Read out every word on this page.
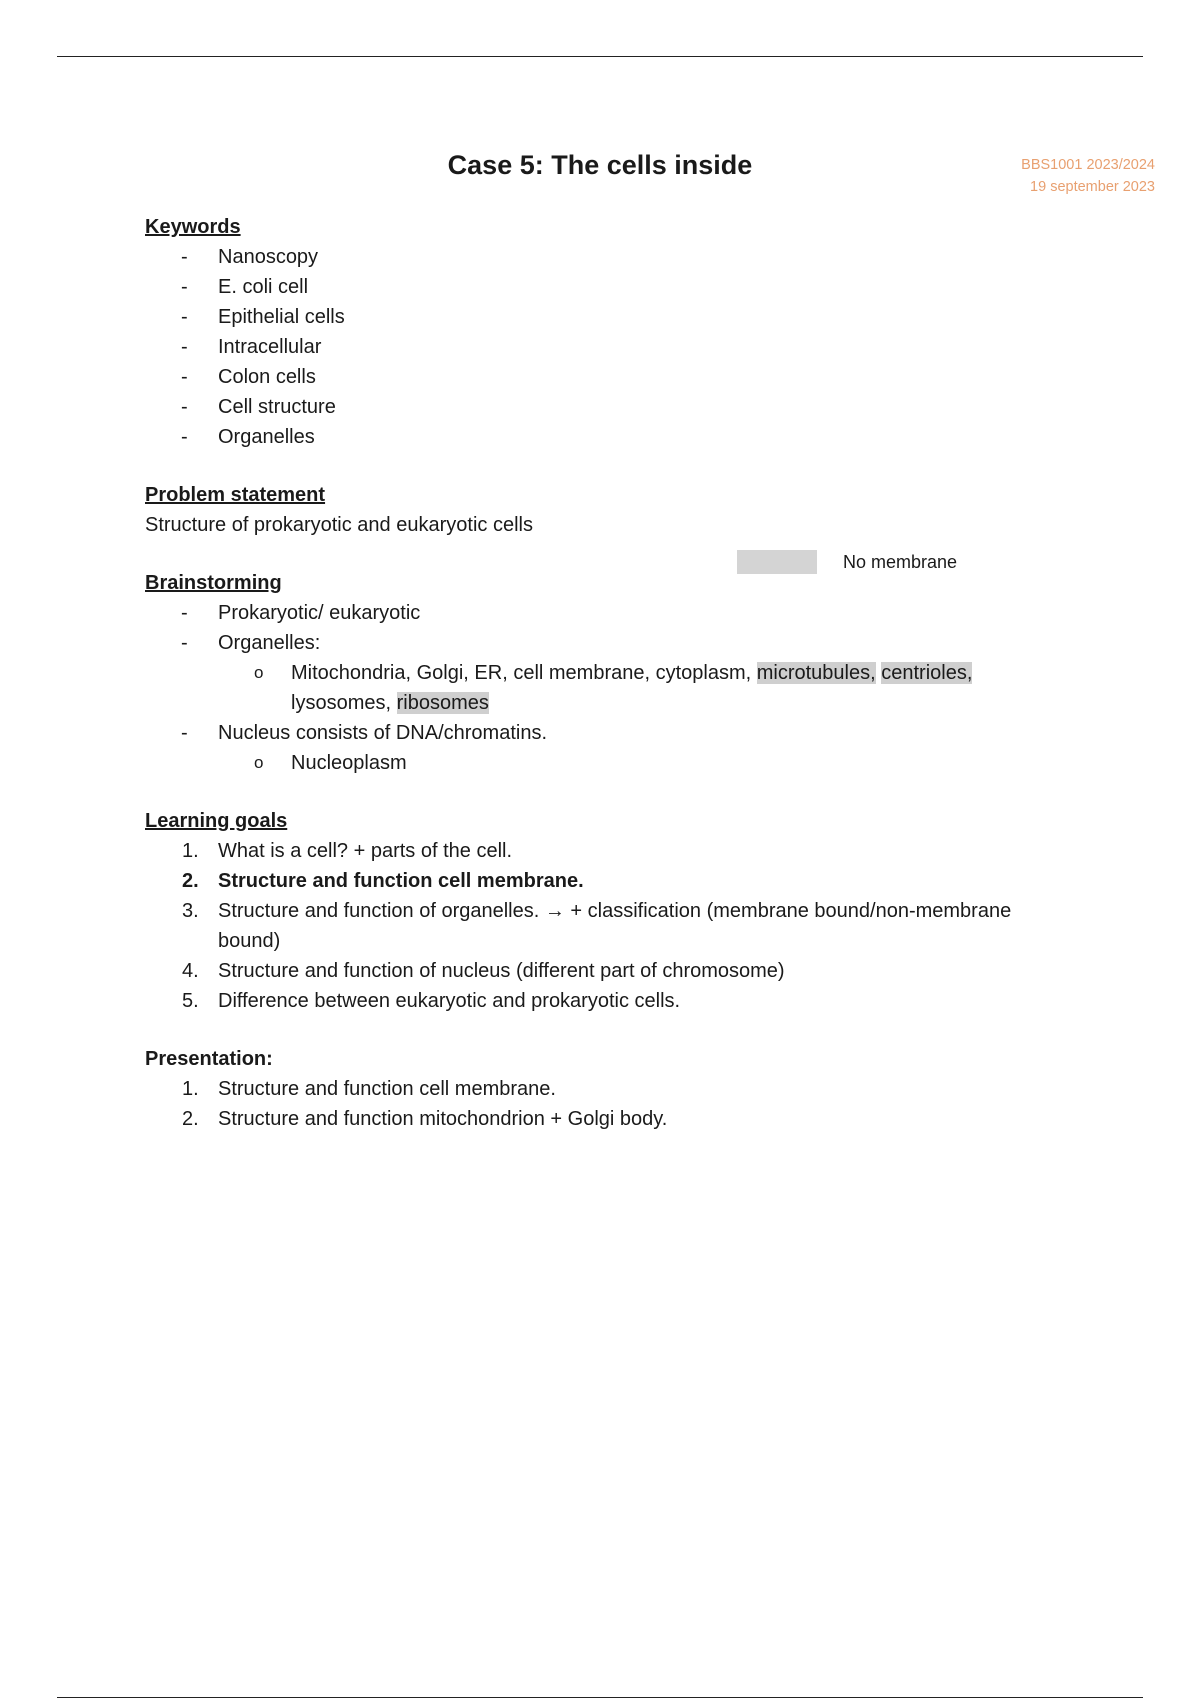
Case 5: The cells inside	BBS1001 2023/2024
19 september 2023
No membrane

Keywords

- Nanoscopy
- E. coli cell
- Epithelial cells
- Intracellular
- Colon cells
- Cell structure
- Organelles

Problem statement

Structure of prokaryotic and eukaryotic cells

Brainstorming

- Prokaryotic/ eukaryotic
- Organelles:
o Mitochondria, Golgi, ER, cell membrane, cytoplasm, microtubules, centrioles, lysosomes, ribosomes
- Nucleus consists of DNA/chromatins.
o Nucleoplasm

Learning goals

1. What is a cell? + parts of the cell.
2. Structure and function cell membrane.
3. Structure and function of organelles. → + classification (membrane bound/non-membrane bound)
4. Structure and function of nucleus (different part of chromosome)
5. Difference between eukaryotic and prokaryotic cells.

Presentation:

1. Structure and function cell membrane.
2. Structure and function mitochondrion + Golgi body.
